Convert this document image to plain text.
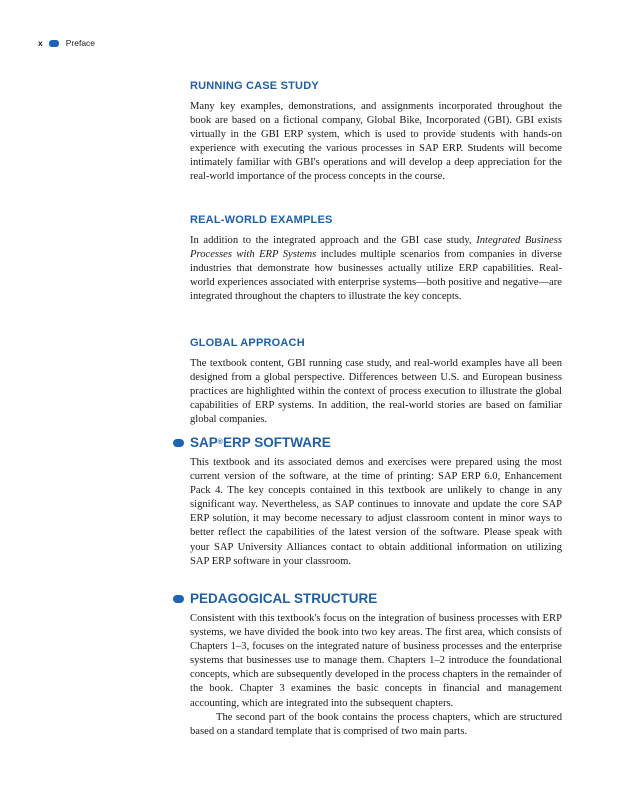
x	Preface
RUNNING CASE STUDY

Many key examples, demonstrations, and assignments incorporated throughout the book are based on a fictional company, Global Bike, Incorporated (GBI). GBI exists virtually in the GBI ERP system, which is used to provide students with hands-on experience with executing the various processes in SAP ERP. Students will become intimately familiar with GBI's operations and will develop a deep appreciation for the real-world importance of the process concepts in the course.

REAL-WORLD EXAMPLES

In addition to the integrated approach and the GBI case study, Integrated Business Processes with ERP Systems includes multiple scenarios from companies in diverse industries that demonstrate how businesses actually utilize ERP capabilities. Real-world experiences associated with enterprise systems—both positive and negative—are integrated throughout the chapters to illustrate the key concepts.

GLOBAL APPROACH

The textbook content, GBI running case study, and real-world examples have all been designed from a global perspective. Differences between U.S. and European business practices are highlighted within the context of process execution to illustrate the global capabilities of ERP systems. In addition, the real-world stories are based on familiar global companies.

SAP ® ERP SOFTWARE

This textbook and its associated demos and exercises were prepared using the most current version of the software, at the time of printing: SAP ERP 6.0, Enhancement Pack 4. The key concepts contained in this textbook are unlikely to change in any significant way. Nevertheless, as SAP continues to innovate and update the core SAP ERP solution, it may become necessary to adjust classroom content in minor ways to better reflect the capabilities of the latest version of the software. Please speak with your SAP University Alliances contact to obtain additional information on utilizing SAP ERP software in your classroom.

PEDAGOGICAL STRUCTURE

Consistent with this textbook's focus on the integration of business processes with ERP systems, we have divided the book into two key areas. The first area, which consists of Chapters 1–3, focuses on the integrated nature of business processes and the enterprise systems that businesses use to manage them. Chapters 1–2 introduce the foundational concepts, which are subsequently developed in the process chapters in the remainder of the book. Chapter 3 examines the basic concepts in financial and management accounting, which are integrated into the subsequent chapters.

The second part of the book contains the process chapters, which are structured based on a standard template that is comprised of two main parts.
